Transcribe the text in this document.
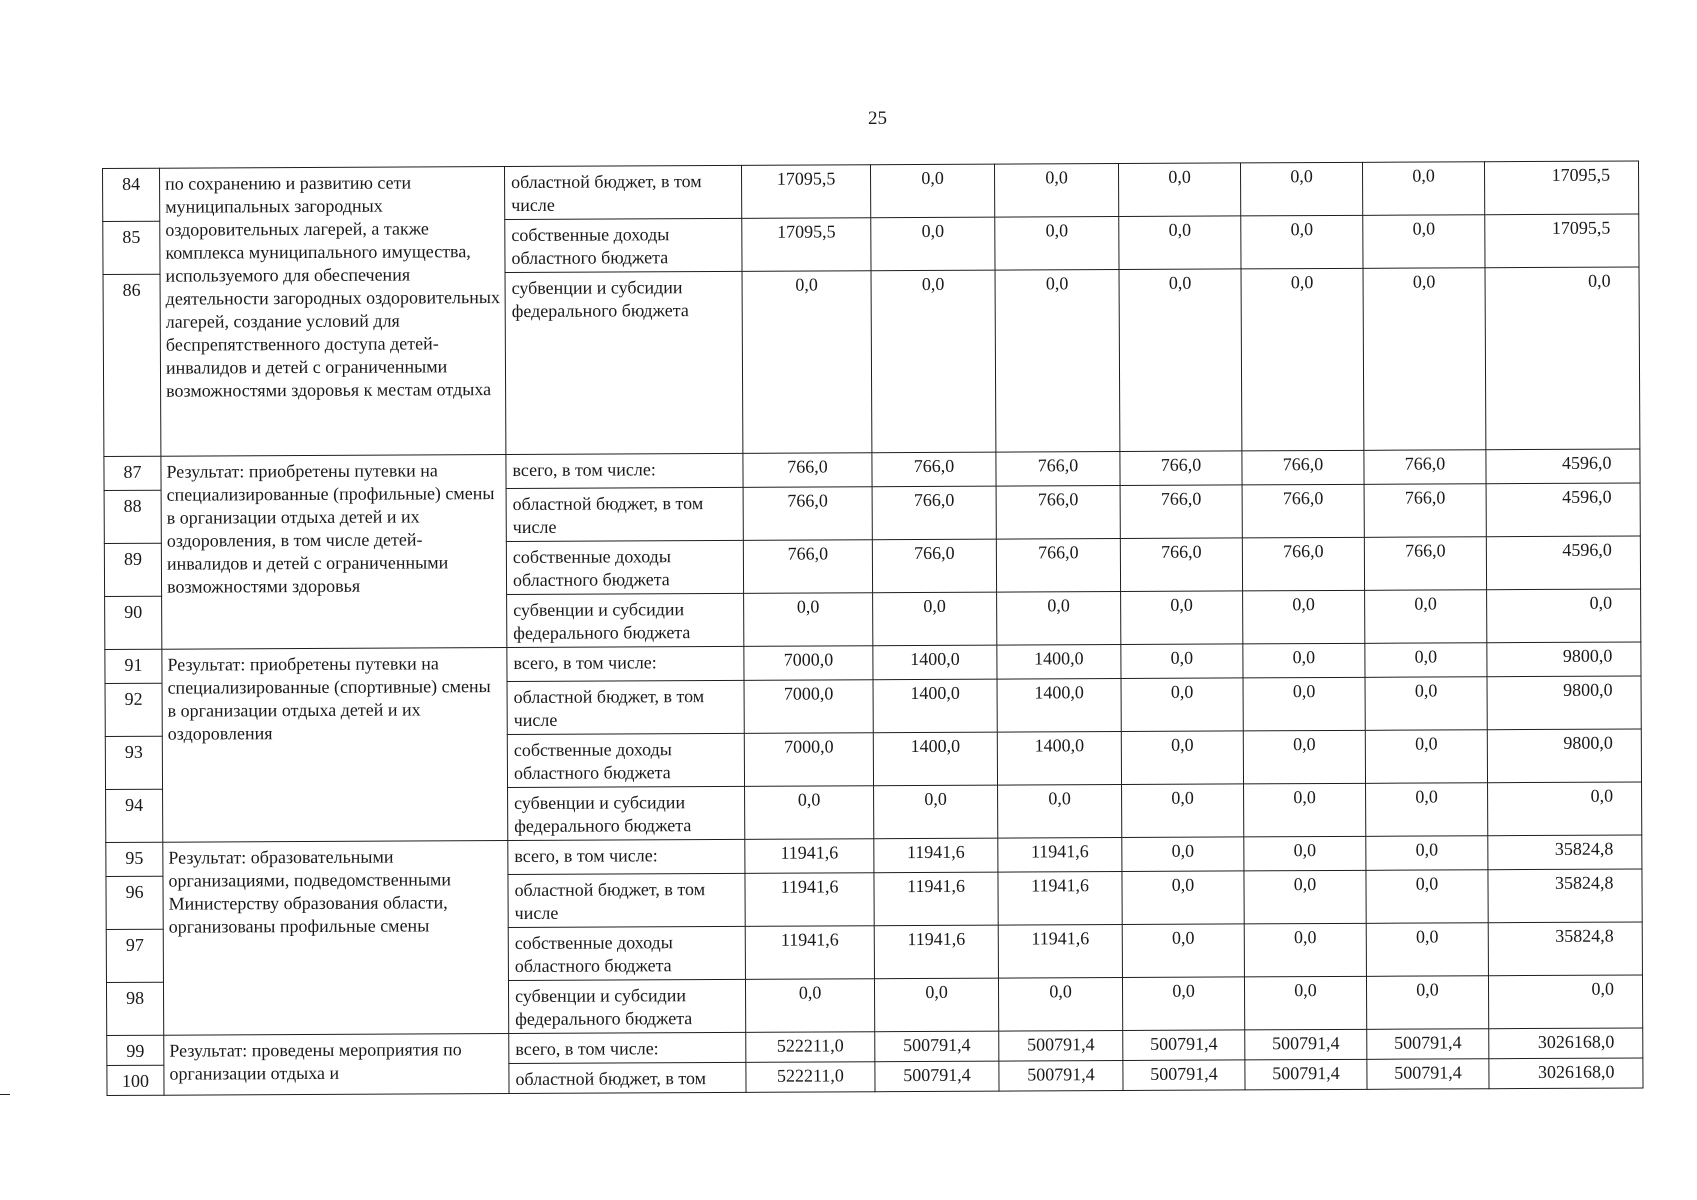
25
84	по сохранению и развитию сети муниципальных загородных оздоровительных лагерей, а также комплекса муниципального имущества, используемого для обеспечения деятельности загородных оздоровительных лагерей, создание условий для беспрепятственного доступа детей-инвалидов и детей с ограниченными возможностями здоровья к местам отдыха	областной бюджет, в том числе	17095,5	0,0	0,0	0,0	0,0	0,0	17095,5
85		собственные доходы областного бюджета	17095,5	0,0	0,0	0,0	0,0	0,0	17095,5
86		субвенции и субсидии федерального бюджета	0,0	0,0	0,0	0,0	0,0	0,0	0,0
87	Результат: приобретены путевки на специализированные (профильные) смены в организации отдыха детей и их оздоровления, в том числе детей-инвалидов и детей с ограниченными возможностями здоровья	всего, в том числе:	766,0	766,0	766,0	766,0	766,0	766,0	4596,0
88		областной бюджет, в том числе	766,0	766,0	766,0	766,0	766,0	766,0	4596,0
89		собственные доходы областного бюджета	766,0	766,0	766,0	766,0	766,0	766,0	4596,0
90		субвенции и субсидии федерального бюджета	0,0	0,0	0,0	0,0	0,0	0,0	0,0
91	Результат: приобретены путевки на специализированные (спортивные) смены в организации отдыха детей и их оздоровления	всего, в том числе:	7000,0	1400,0	1400,0	0,0	0,0	0,0	9800,0
92		областной бюджет, в том числе	7000,0	1400,0	1400,0	0,0	0,0	0,0	9800,0
93		собственные доходы областного бюджета	7000,0	1400,0	1400,0	0,0	0,0	0,0	9800,0
94		субвенции и субсидии федерального бюджета	0,0	0,0	0,0	0,0	0,0	0,0	0,0
95	Результат: образовательными организациями, подведомственными Министерству образования области, организованы профильные смены	всего, в том числе:	11941,6	11941,6	11941,6	0,0	0,0	0,0	35824,8
96		областной бюджет, в том числе	11941,6	11941,6	11941,6	0,0	0,0	0,0	35824,8
97		собственные доходы областного бюджета	11941,6	11941,6	11941,6	0,0	0,0	0,0	35824,8
98		субвенции и субсидии федерального бюджета	0,0	0,0	0,0	0,0	0,0	0,0	0,0
99	Результат: проведены мероприятия по организации отдыха и	всего, в том числе:	522211,0	500791,4	500791,4	500791,4	500791,4	500791,4	3026168,0
100		областной бюджет, в том	522211,0	500791,4	500791,4	500791,4	500791,4	500791,4	3026168,0
